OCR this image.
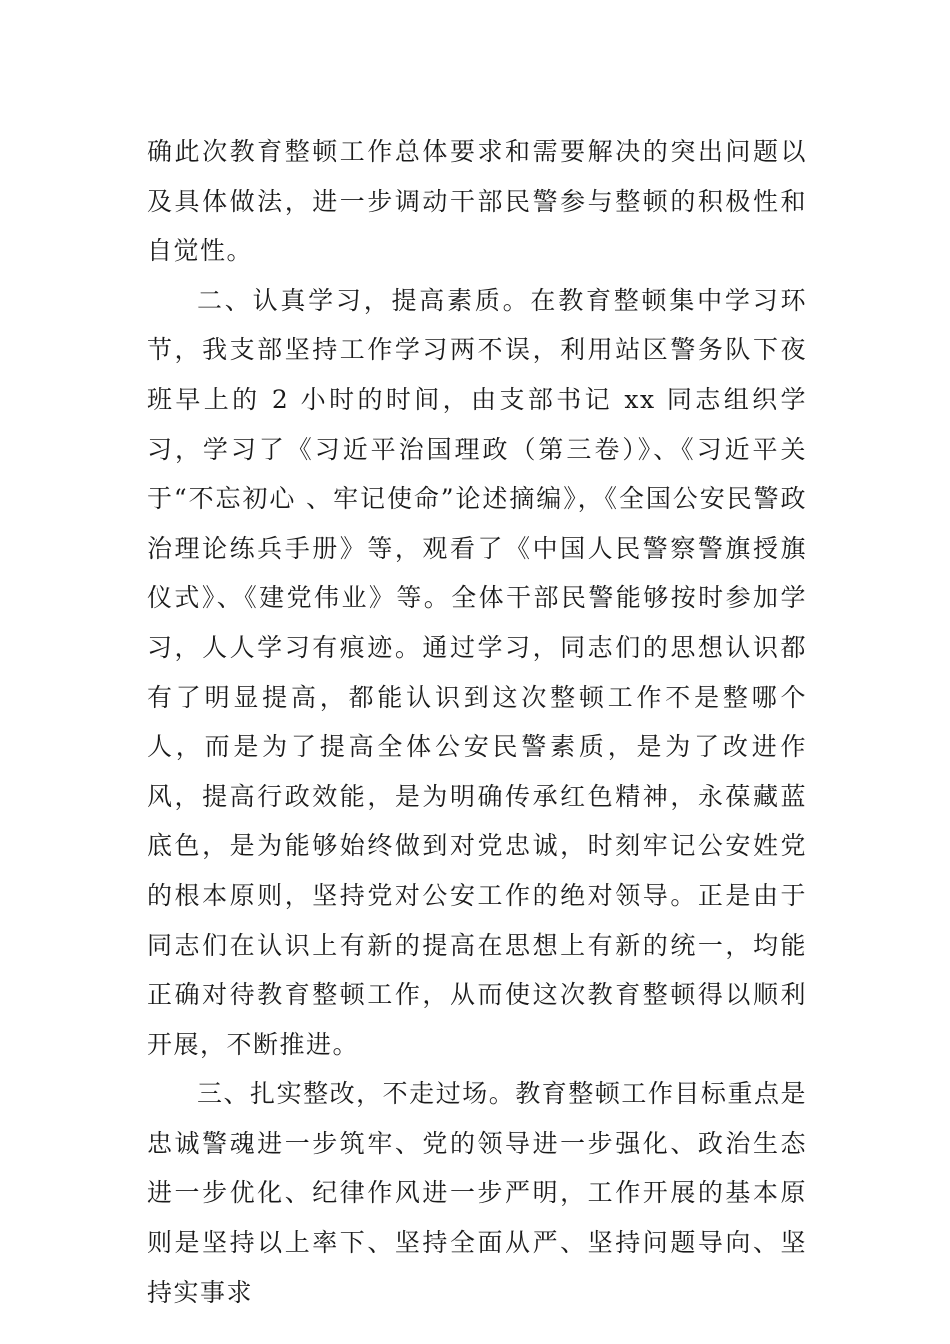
确此次教育整顿工作总体要求和需要解决的突出问题以及具体做法，进一步调动干部民警参与整顿的积极性和自觉性。

二、认真学习，提高素质。在教育整顿集中学习环节，我支部坚持工作学习两不误，利用站区警务队下夜班早上的 2 小时的时间，由支部书记 xx 同志组织学习，学习了《习近平治国理政（第三卷）》、《习近平关于“不忘初心 、牢记使命”论述摘编》，《全国公安民警政治理论练兵手册》等，观看了《中国人民警察警旗授旗仪式》、《建党伟业》等。全体干部民警能够按时参加学习，人人学习有痕迹。通过学习，同志们的思想认识都有了明显提高，都能认识到这次整顿工作不是整哪个人，而是为了提高全体公安民警素质，是为了改进作风，提高行政效能，是为明确传承红色精神，永葆藏蓝底色，是为能够始终做到对党忠诚，时刻牢记公安姓党的根本原则，坚持党对公安工作的绝对领导。正是由于同志们在认识上有新的提高在思想上有新的统一，均能正确对待教育整顿工作，从而使这次教育整顿得以顺利开展，不断推进。

三、扎实整改，不走过场。教育整顿工作目标重点是忠诚警魂进一步筑牢、党的领导进一步强化、政治生态进一步优化、纪律作风进一步严明，工作开展的基本原则是坚持以上率下、坚持全面从严、坚持问题导向、坚持实事求
